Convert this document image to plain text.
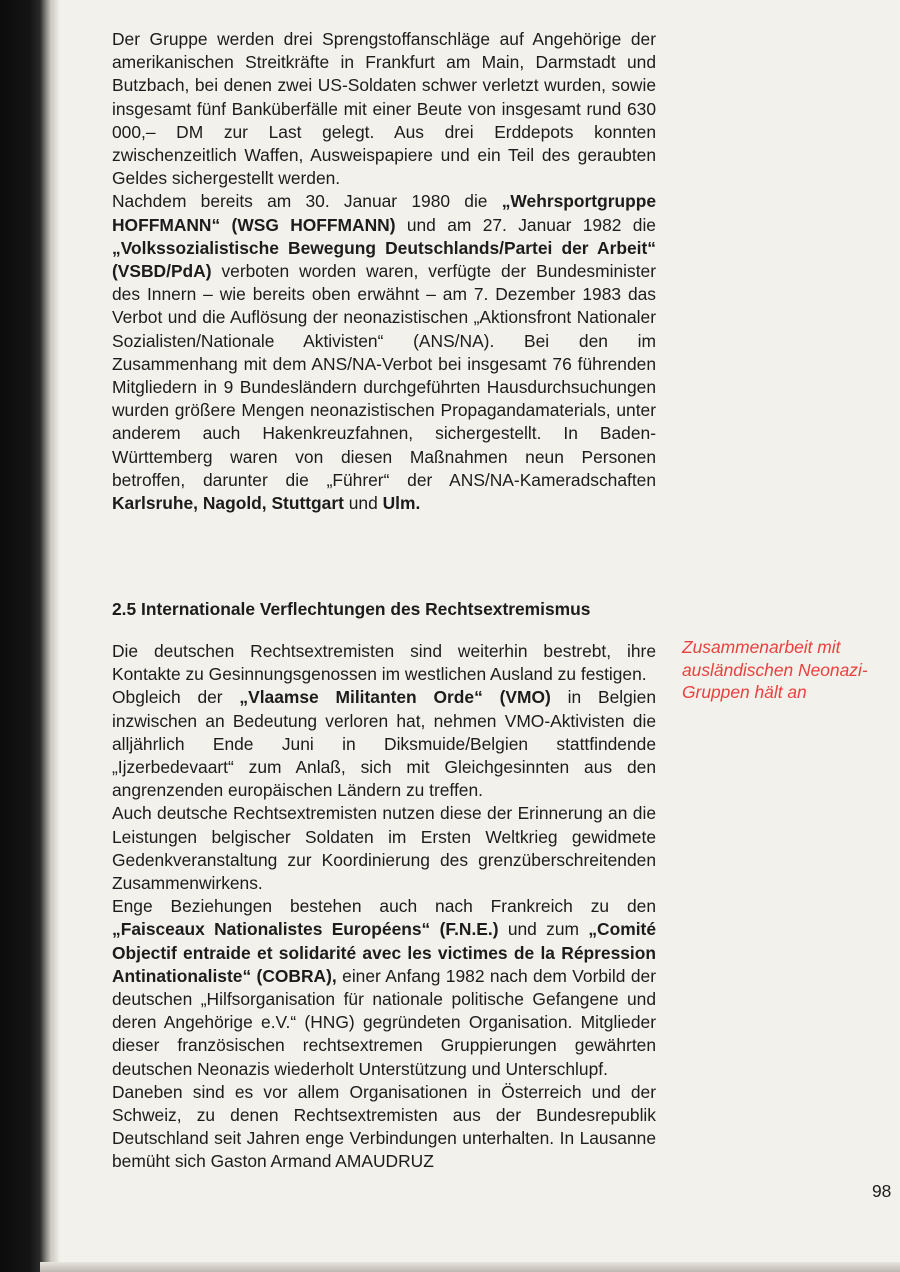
Der Gruppe werden drei Sprengstoffanschläge auf Angehörige der amerikanischen Streitkräfte in Frankfurt am Main, Darmstadt und Butzbach, bei denen zwei US-Soldaten schwer verletzt wurden, sowie insgesamt fünf Banküberfälle mit einer Beute von insgesamt rund 630 000,– DM zur Last gelegt. Aus drei Erddepots konnten zwischenzeitlich Waffen, Ausweispapiere und ein Teil des geraubten Geldes sichergestellt werden.

Nachdem bereits am 30. Januar 1980 die „Wehrsportgruppe HOFFMANN“ (WSG HOFFMANN) und am 27. Januar 1982 die „Volkssozialistische Bewegung Deutschlands/Partei der Arbeit“ (VSBD/PdA) verboten worden waren, verfügte der Bundesminister des Innern – wie bereits oben erwähnt – am 7. Dezember 1983 das Verbot und die Auflösung der neonazistischen „Aktionsfront Nationaler Sozialisten/Nationale Aktivisten“ (ANS/NA). Bei den im Zusammenhang mit dem ANS/NA-Verbot bei insgesamt 76 führenden Mitgliedern in 9 Bundesländern durchgeführten Hausdurchsuchungen wurden größere Mengen neonazistischen Propagandamaterials, unter anderem auch Hakenkreuzfahnen, sichergestellt. In Baden-Württemberg waren von diesen Maßnahmen neun Personen betroffen, darunter die „Führer“ der ANS/NA-Kameradschaften Karlsruhe, Nagold, Stuttgart und Ulm.

2.5 Internationale Verflechtungen des Rechtsextremismus

Die deutschen Rechtsextremisten sind weiterhin bestrebt, ihre Kontakte zu Gesinnungsgenossen im westlichen Ausland zu festigen.

Obgleich der „Vlaamse Militanten Orde“ (VMO) in Belgien inzwischen an Bedeutung verloren hat, nehmen VMO-Aktivisten die alljährlich Ende Juni in Diksmuide/Belgien stattfindende „Ijzerbedevaart“ zum Anlaß, sich mit Gleichgesinnten aus den angrenzenden europäischen Ländern zu treffen.

Auch deutsche Rechtsextremisten nutzen diese der Erinnerung an die Leistungen belgischer Soldaten im Ersten Weltkrieg gewidmete Gedenkveranstaltung zur Koordinierung des grenzüberschreitenden Zusammenwirkens.

Enge Beziehungen bestehen auch nach Frankreich zu den „Faisceaux Nationalistes Européens“ (F.N.E.) und zum „Comité Objectif entraide et solidarité avec les victimes de la Répression Antinationaliste“ (COBRA), einer Anfang 1982 nach dem Vorbild der deutschen „Hilfsorganisation für nationale politische Gefangene und deren Angehörige e.V.“ (HNG) gegründeten Organisation. Mitglieder dieser französischen rechtsextremen Gruppierungen gewährten deutschen Neonazis wiederholt Unterstützung und Unterschlupf.

Daneben sind es vor allem Organisationen in Österreich und der Schweiz, zu denen Rechtsextremisten aus der Bundesrepublik Deutschland seit Jahren enge Verbindungen unterhalten. In Lausanne bemüht sich Gaston Armand AMAUDRUZ

Zusammenarbeit mit ausländischen Neonazi-Gruppen hält an
98
